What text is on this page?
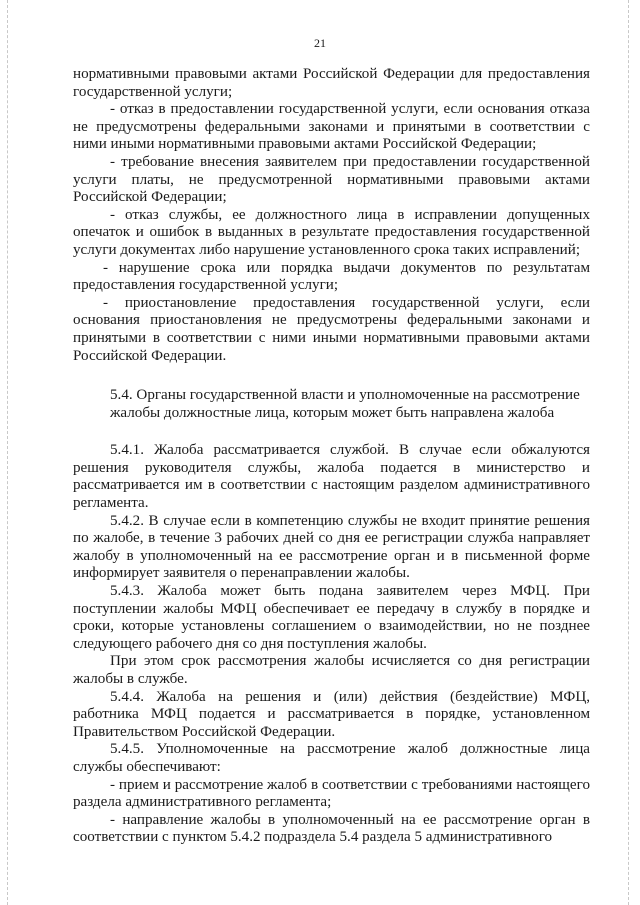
21

нормативными правовыми актами Российской Федерации для предоставления государственной услуги;

- отказ в предоставлении государственной услуги, если основания отказа не предусмотрены федеральными законами и принятыми в соответствии с ними иными нормативными правовыми актами Российской Федерации;

- требование внесения заявителем при предоставлении государственной услуги платы, не предусмотренной нормативными правовыми актами Российской Федерации;

- отказ службы, ее должностного лица в исправлении допущенных опечаток и ошибок в выданных в результате предоставления государственной услуги документах либо нарушение установленного срока таких исправлений;

- нарушение срока или порядка выдачи документов по результатам предоставления государственной услуги;

- приостановление предоставления государственной услуги, если основания приостановления не предусмотрены федеральными законами и принятыми в соответствии с ними иными нормативными правовыми актами Российской Федерации.

5.4. Органы государственной власти и уполномоченные на рассмотрение

жалобы должностные лица, которым может быть направлена жалоба

5.4.1. Жалоба рассматривается службой. В случае если обжалуются решения руководителя службы, жалоба подается в министерство и рассматривается им в соответствии с настоящим разделом административного регламента.

5.4.2. В случае если в компетенцию службы не входит принятие решения по жалобе, в течение 3 рабочих дней со дня ее регистрации служба направляет жалобу в уполномоченный на ее рассмотрение орган и в письменной форме информирует заявителя о перенаправлении жалобы.

5.4.3. Жалоба может быть подана заявителем через МФЦ. При поступлении жалобы МФЦ обеспечивает ее передачу в службу в порядке и сроки, которые установлены соглашением о взаимодействии, но не позднее следующего рабочего дня со дня поступления жалобы.

При этом срок рассмотрения жалобы исчисляется со дня регистрации жалобы в службе.

5.4.4. Жалоба на решения и (или) действия (бездействие) МФЦ, работника МФЦ подается и рассматривается в порядке, установленном Правительством Российской Федерации.

5.4.5. Уполномоченные на рассмотрение жалоб должностные лица службы обеспечивают:

- прием и рассмотрение жалоб в соответствии с требованиями настоящего раздела административного регламента;

- направление жалобы в уполномоченный на ее рассмотрение орган в соответствии с пунктом 5.4.2 подраздела 5.4 раздела 5 административного
